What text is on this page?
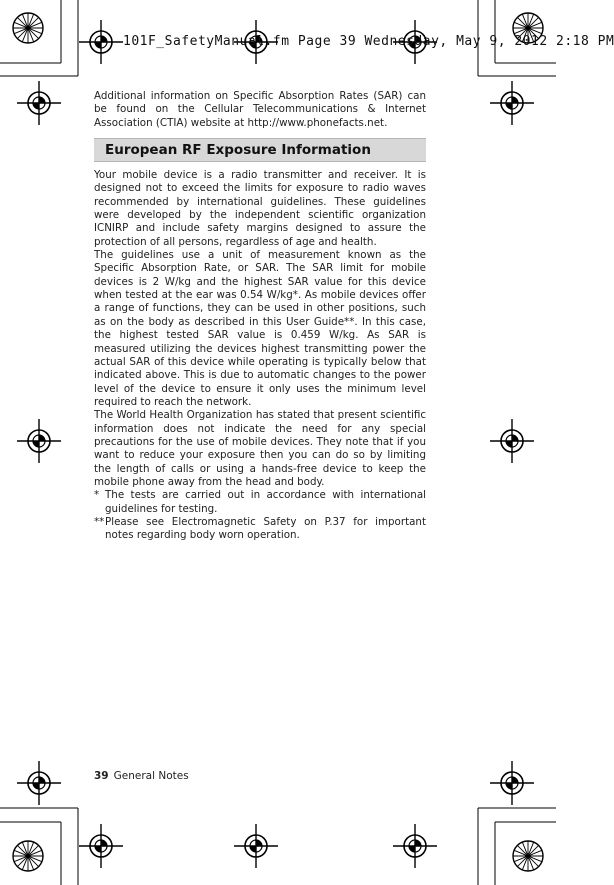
101F_SafetyManual.fm Page 39 Wednesday, May 9, 2012 2:18 PM

Additional information on Specific Absorption Rates (SAR) can be found on the Cellular Telecommunications & Internet Association (CTIA) website at http://www.phonefacts.net.

European RF Exposure Information

Your mobile device is a radio transmitter and receiver. It is designed not to exceed the limits for exposure to radio waves recommended by international guidelines. These guidelines were developed by the independent scientific organization ICNIRP and include safety margins designed to assure the protection of all persons, regardless of age and health.

The guidelines use a unit of measurement known as the Specific Absorption Rate, or SAR. The SAR limit for mobile devices is 2 W/kg and the highest SAR value for this device when tested at the ear was 0.54 W/kg*. As mobile devices offer a range of functions, they can be used in other positions, such as on the body as described in this User Guide**. In this case, the highest tested SAR value is 0.459 W/kg. As SAR is measured utilizing the devices highest transmitting power the actual SAR of this device while operating is typically below that indicated above. This is due to automatic changes to the power level of the device to ensure it only uses the minimum level required to reach the network.

The World Health Organization has stated that present scientific information does not indicate the need for any special precautions for the use of mobile devices. They note that if you want to reduce your exposure then you can do so by limiting the length of calls or using a hands-free device to keep the mobile phone away from the head and body.

* The tests are carried out in accordance with international guidelines for testing.
** Please see Electromagnetic Safety on P.37 for important notes regarding body worn operation.
39 General Notes
